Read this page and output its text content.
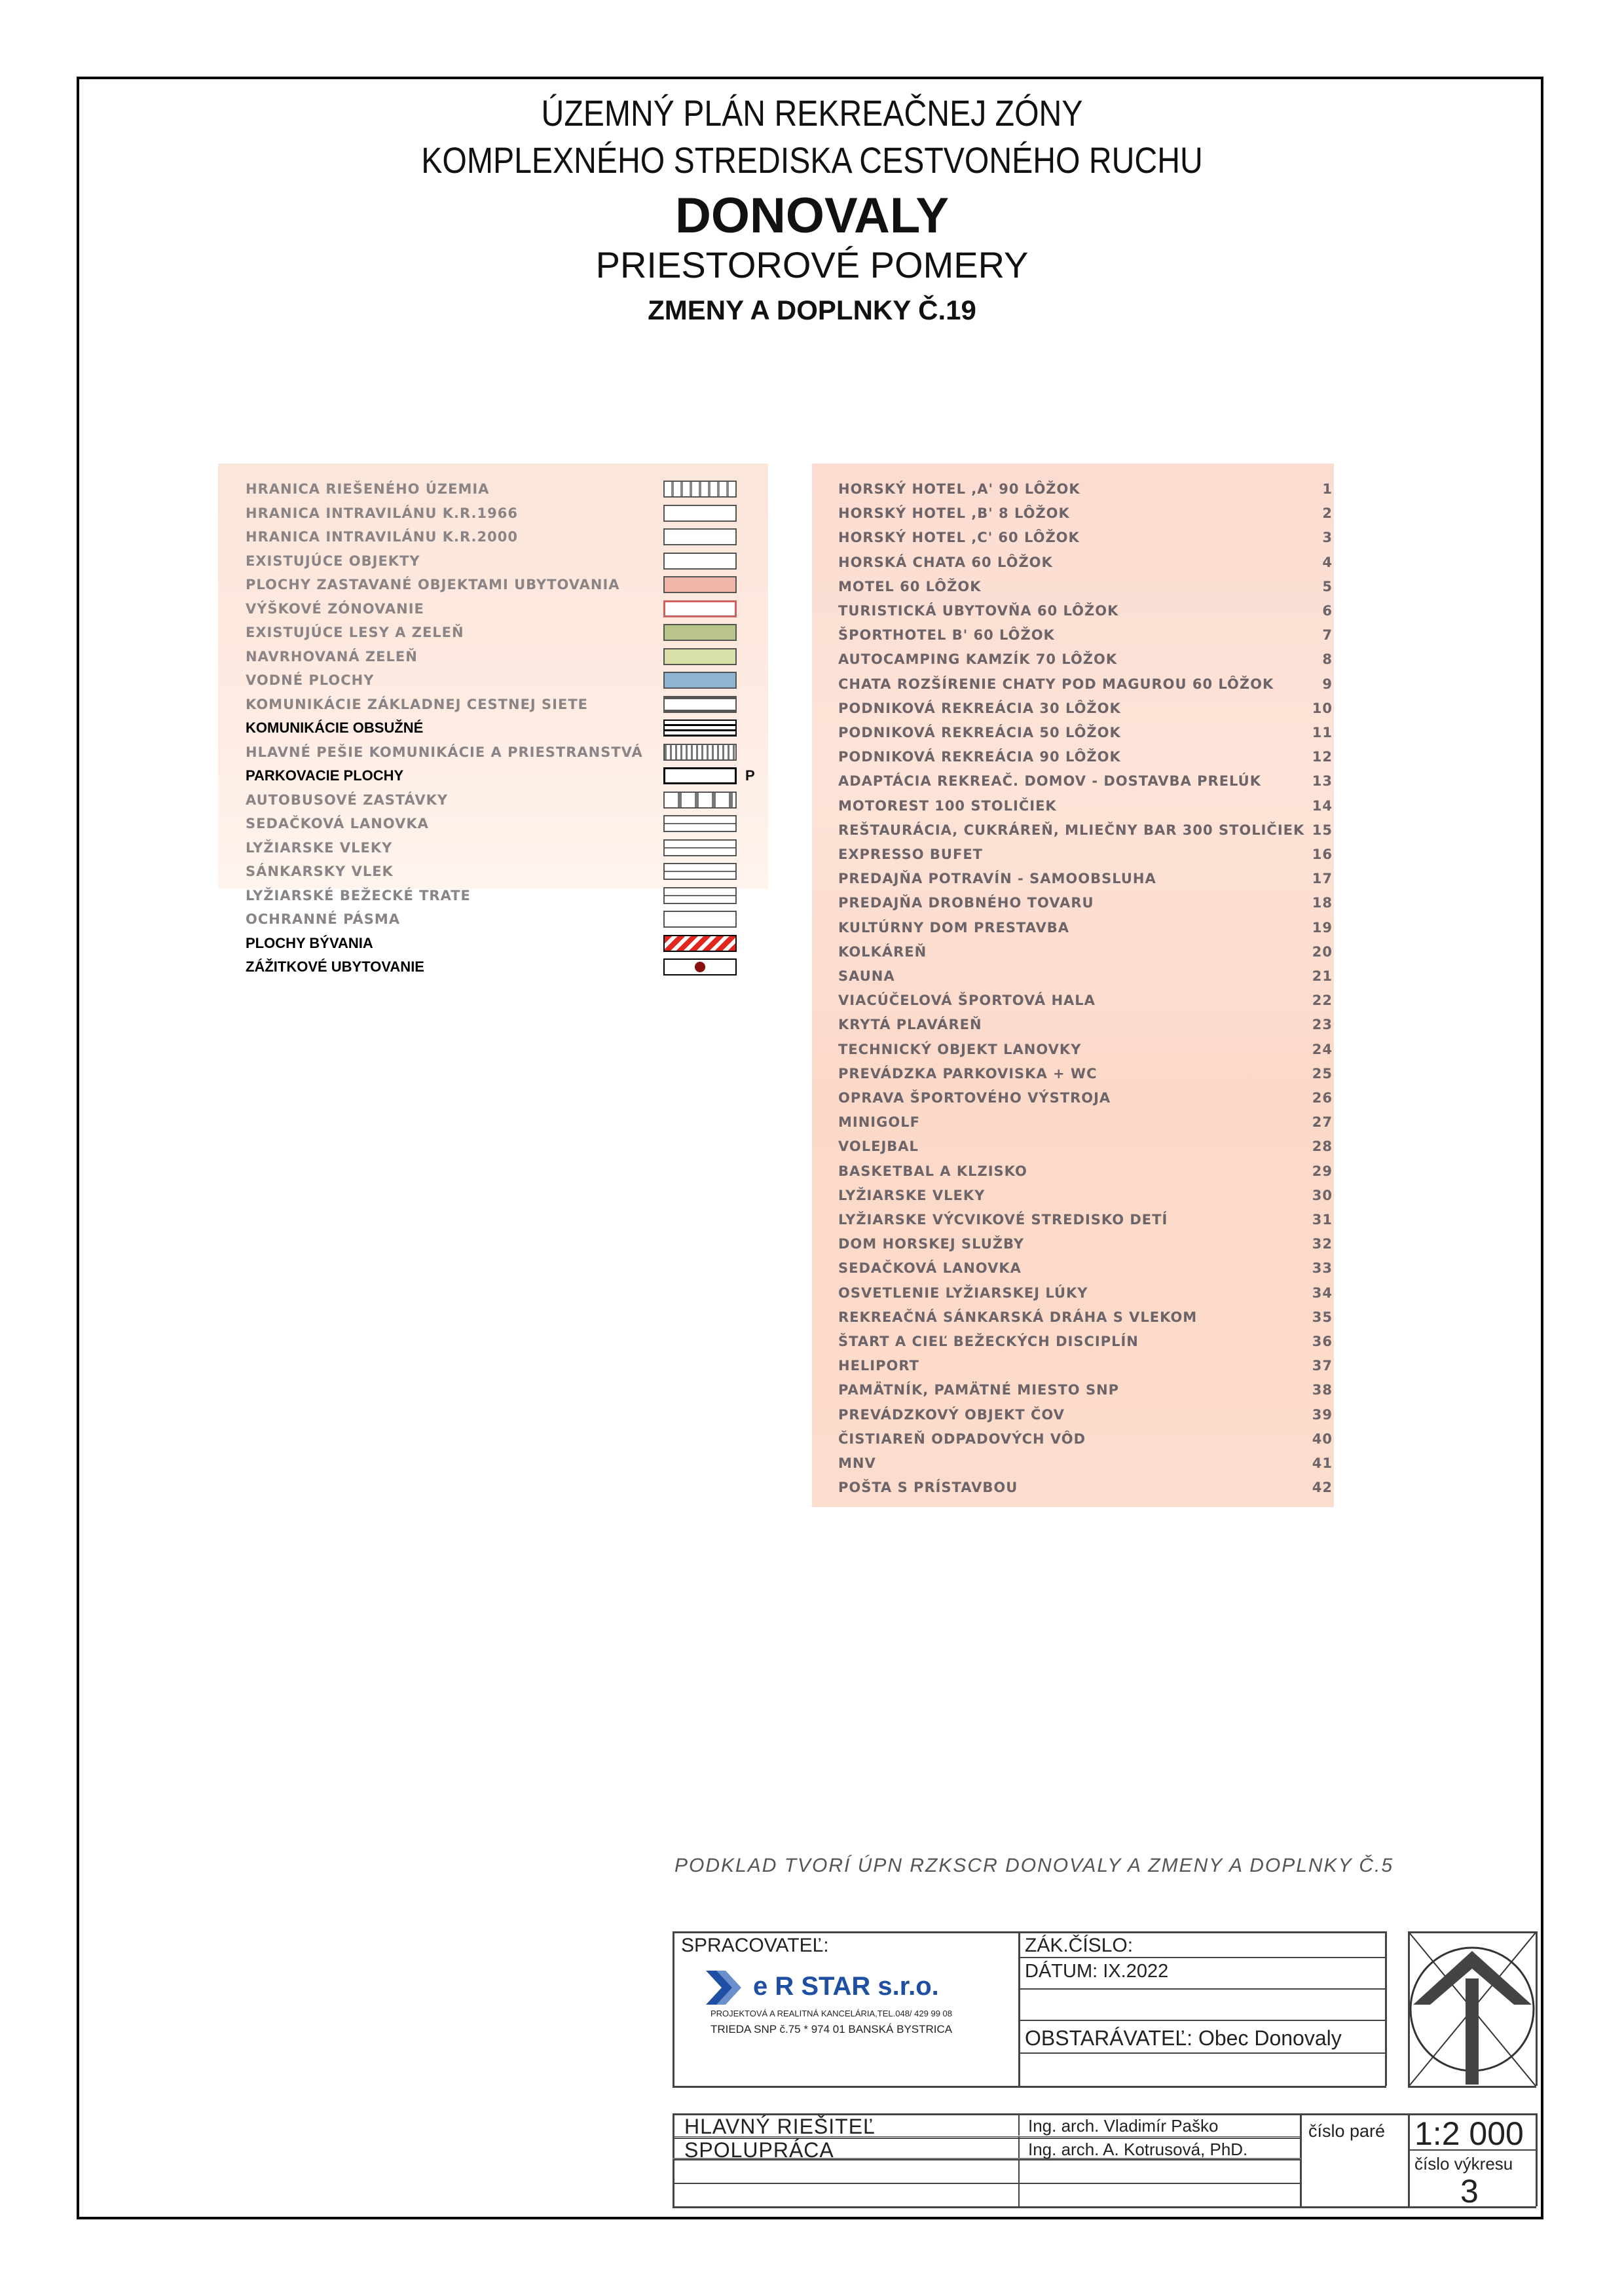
ÚZEMNÝ PLÁN REKREAČNEJ ZÓNY
KOMPLEXNÉHO STREDISKA CESTVONÉHO RUCHU
DONOVALY
PRIESTOROVÉ POMERY
ZMENY A DOPLNKY Č.19
HRANICA RIEŠENÉHO ÚZEMIA
HRANICA INTRAVILÁNU K.R.1966
HRANICA INTRAVILÁNU K.R.2000
EXISTUJÚCE OBJEKTY
PLOCHY ZASTAVANÉ OBJEKTAMI UBYTOVANIA
VÝŠKOVÉ ZÓNOVANIE
EXISTUJÚCE LESY A ZELEŇ
NAVRHOVANÁ ZELEŇ
VODNÉ PLOCHY
KOMUNIKÁCIE ZÁKLADNEJ CESTNEJ SIETE
KOMUNIKÁCIE OBSUŽNÉ
HLAVNÉ PEŠIE KOMUNIKÁCIE A PRIESTRANSTVÁ
PARKOVACIE PLOCHY
AUTOBUSOVÉ ZASTÁVKY
SEDAČKOVÁ LANOVKA
LYŽIARSKE VLEKY
SÁNKARSKY VLEK
LYŽIARSKÉ BEŽECKÉ TRATE
OCHRANNÉ PÁSMA
PLOCHY BÝVANIA
ZÁŽITKOVÉ UBYTOVANIE
P
HORSKÝ HOTEL ,A' 90 LÔŽOK	1
HORSKÝ HOTEL ,B' 8 LÔŽOK	2
HORSKÝ HOTEL ,C' 60 LÔŽOK	3
HORSKÁ CHATA 60 LÔŽOK	4
MOTEL 60 LÔŽOK	5
TURISTICKÁ UBYTOVŇA 60 LÔŽOK	6
ŠPORTHOTEL B' 60 LÔŽOK	7
AUTOCAMPING KAMZÍK 70 LÔŽOK	8
CHATA ROZŠÍRENIE CHATY POD MAGUROU 60 LÔŽOK	9
PODNIKOVÁ REKREÁCIA 30 LÔŽOK	10
PODNIKOVÁ REKREÁCIA 50 LÔŽOK	11
PODNIKOVÁ REKREÁCIA 90 LÔŽOK	12
ADAPTÁCIA REKREAČ. DOMOV - DOSTAVBA PRELÚK	13
MOTOREST 100 STOLIČIEK	14
REŠTAURÁCIA, CUKRÁREŇ, MLIEČNY BAR 300 STOLIČIEK 15
EXPRESSO BUFET	16
PREDAJŇA POTRAVÍN - SAMOOBSLUHA	17
PREDAJŇA DROBNÉHO TOVARU	18
KULTÚRNY DOM PRESTAVBA	19
KOLKÁREŇ	20
SAUNA	21
VIACÚČELOVÁ ŠPORTOVÁ HALA	22
KRYTÁ PLAVÁREŇ	23
TECHNICKÝ OBJEKT LANOVKY	24
PREVÁDZKA PARKOVISKA + WC	25
OPRAVA ŠPORTOVÉHO VÝSTROJA	26
MINIGOLF	27
VOLEJBAL	28
BASKETBAL A KLZISKO	29
LYŽIARSKE VLEKY	30
LYŽIARSKE VÝCVIKOVÉ STREDISKO DETÍ	31
DOM HORSKEJ SLUŽBY	32
SEDAČKOVÁ LANOVKA	33
OSVETLENIE LYŽIARSKEJ LÚKY	34
REKREAČNÁ SÁNKARSKÁ DRÁHA S VLEKOM	35
ŠTART A CIEĽ BEŽECKÝCH DISCIPLÍN	36
HELIPORT	37
PAMÄTNÍK, PAMÄTNÉ MIESTO SNP	38
PREVÁDZKOVÝ OBJEKT ČOV	39
ČISTIAREŇ ODPADOVÝCH VÔD	40
MNV	41
POŠTA S PRÍSTAVBOU	42
PODKLAD TVORÍ ÚPN RZKSCR DONOVALY A ZMENY A DOPLNKY Č.5
SPRACOVATEĽ:
e R STAR s.r.o.
PROJEKTOVÁ A REALITNÁ KANCELÁRIA,TEL.048/ 429 99 08
TRIEDA SNP č.75 * 974 01 BANSKÁ BYSTRICA
ZÁK.ČÍSLO:
DÁTUM: IX.2022
OBSTARÁVATEĽ: Obec Donovaly
HLAVNÝ RIEŠITEĽ	Ing. arch. Vladimír Paško
SPOLUPRÁCA	Ing. arch. A. Kotrusová, PhD.
číslo paré 1:2 000
číslo výkresu
3
